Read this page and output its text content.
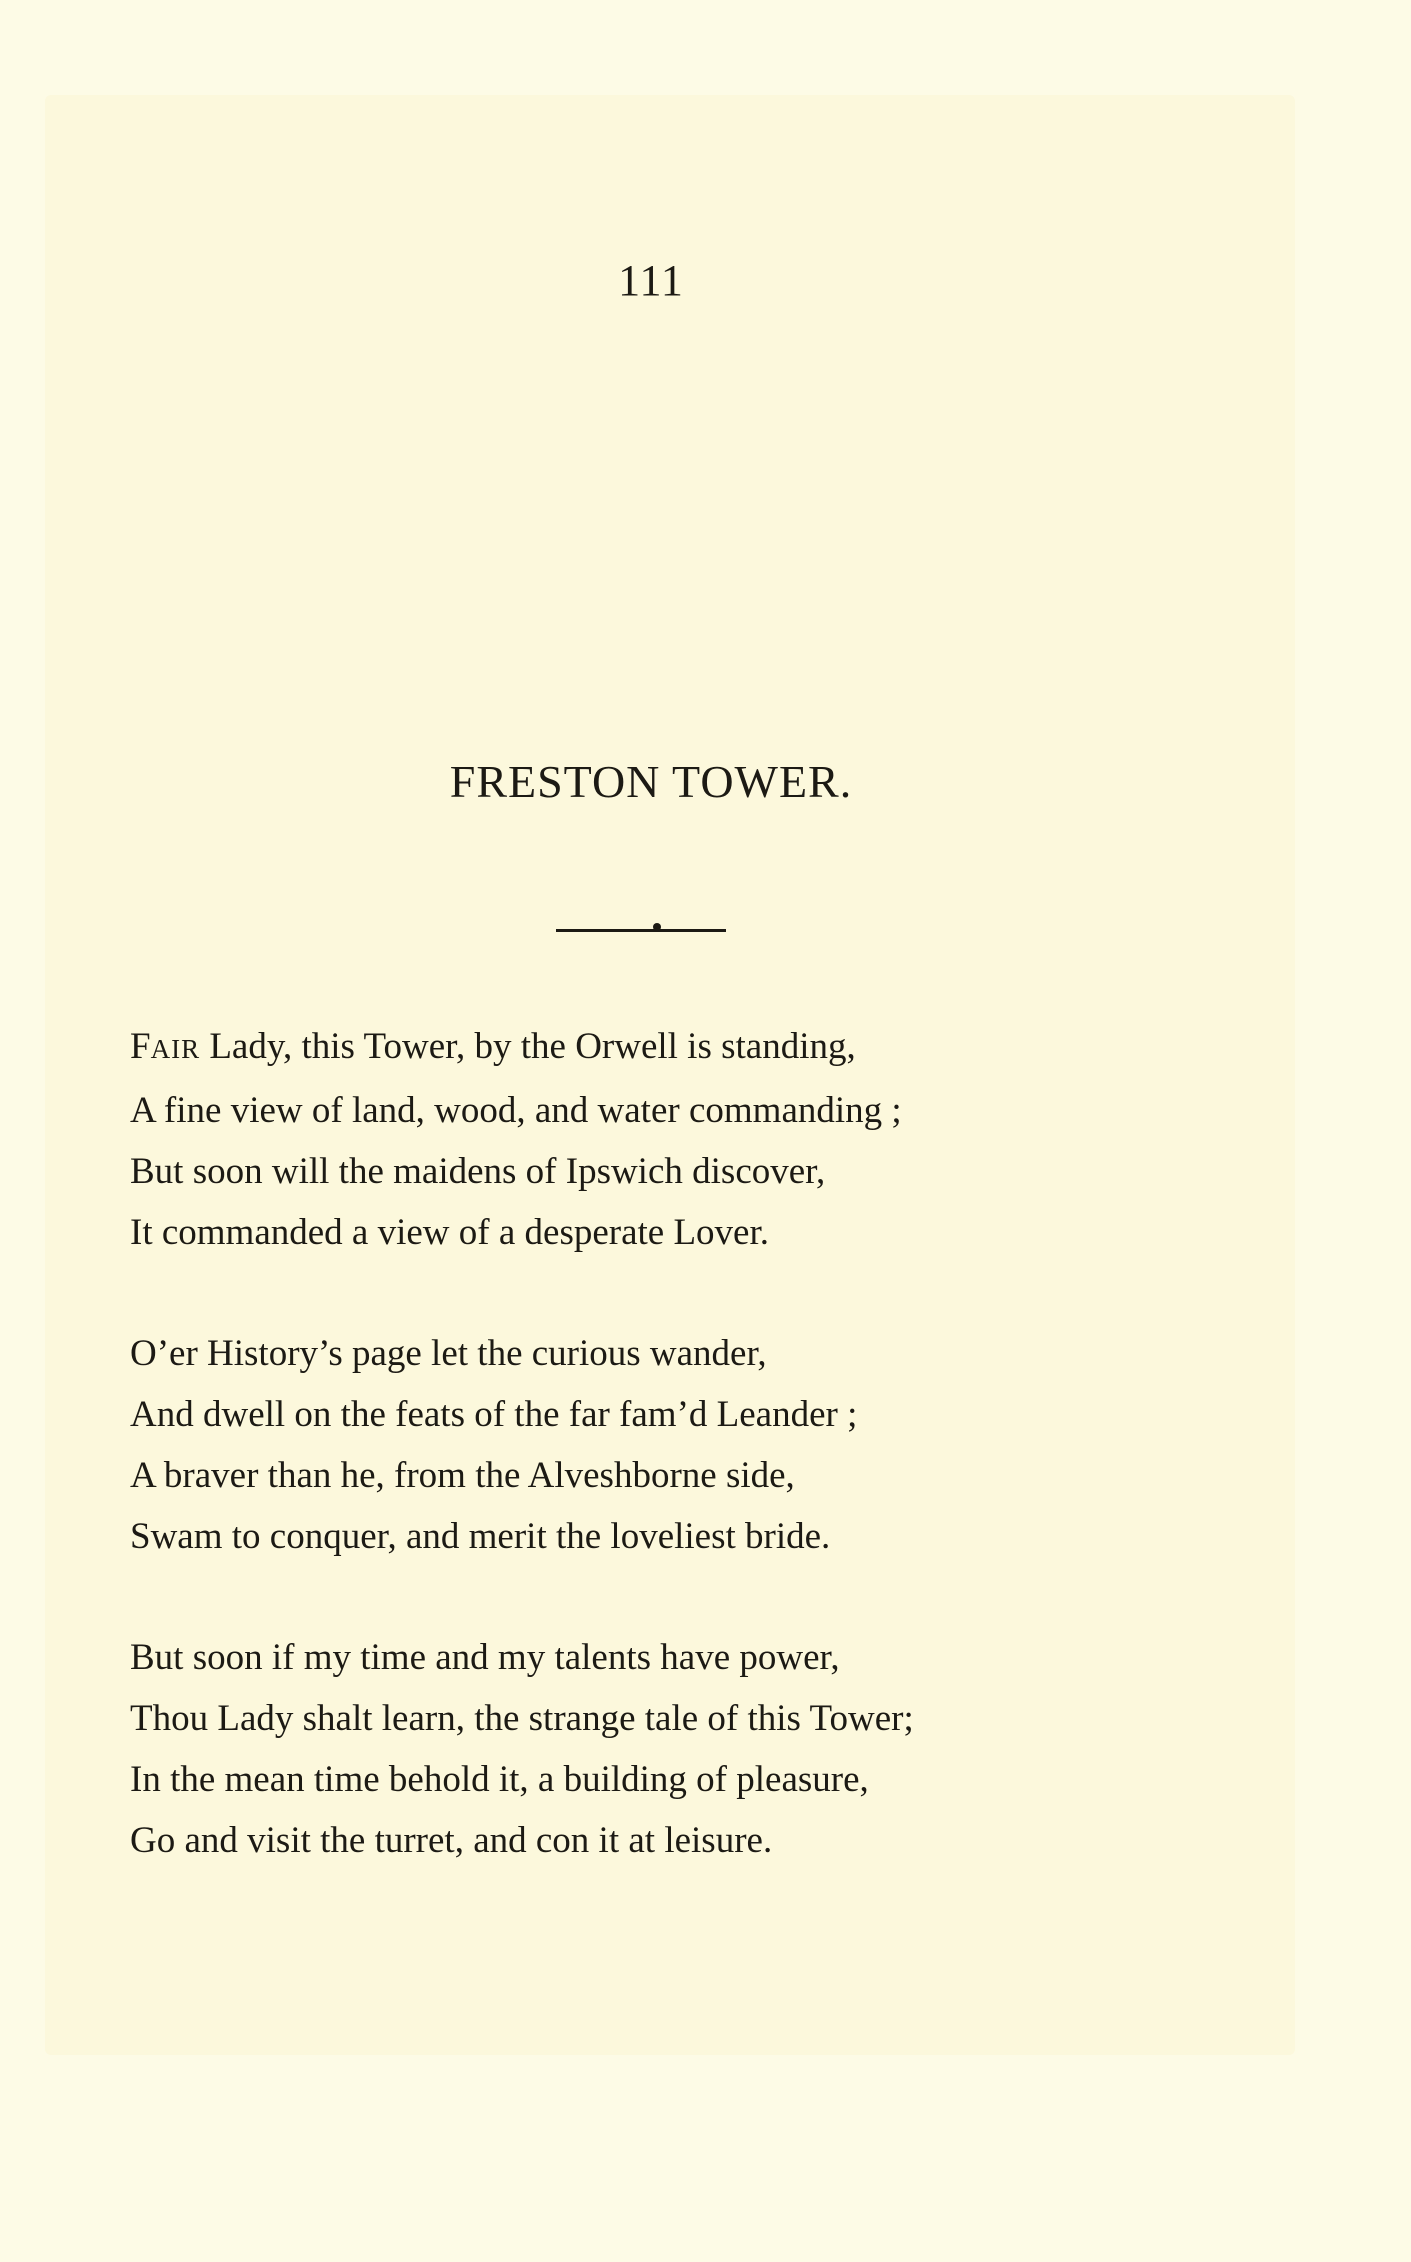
111
FRESTON TOWER.
FAIR Lady, this Tower, by the Orwell is standing,
A fine view of land, wood, and water commanding ;
But soon will the maidens of Ipswich discover,
It commanded a view of a desperate Lover.
O’er History’s page let the curious wander,
And dwell on the feats of the far fam’d Leander ;
A braver than he, from the Alveshborne side,
Swam to conquer, and merit the loveliest bride.
But soon if my time and my talents have power,
Thou Lady shalt learn, the strange tale of this Tower;
In the mean time behold it, a building of pleasure,
Go and visit the turret, and con it at leisure.
